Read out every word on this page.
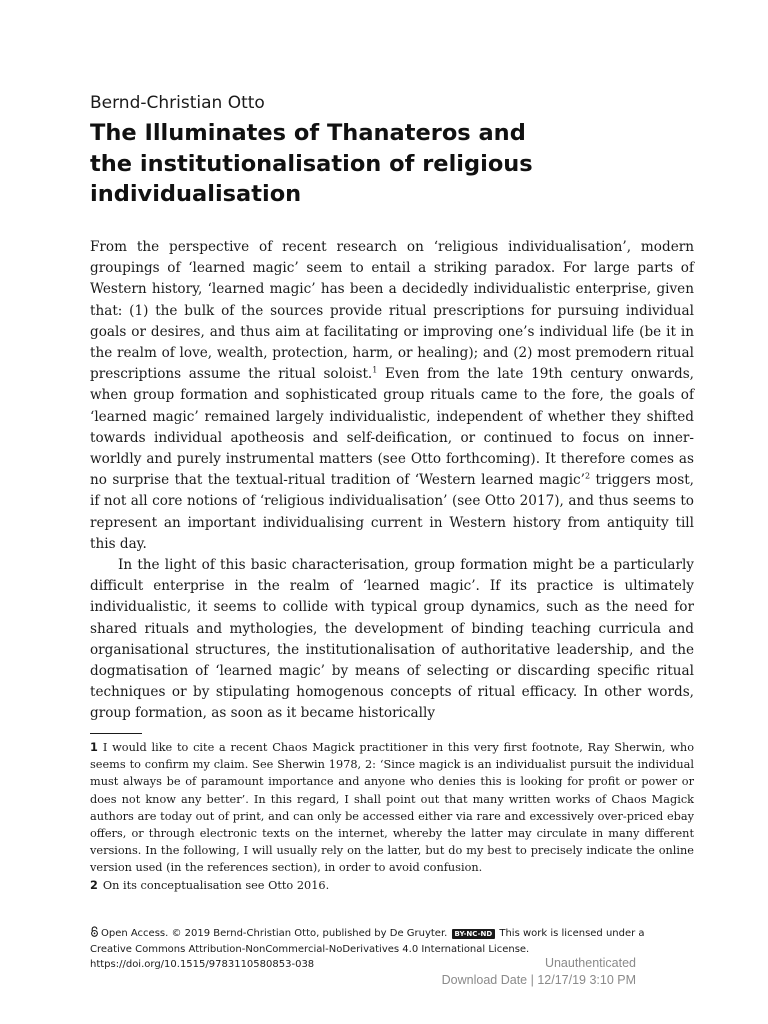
Bernd-Christian Otto
The Illuminates of Thanateros and
the institutionalisation of religious
individualisation

From the perspective of recent research on ‘religious individualisation’, modern groupings of ‘learned magic’ seem to entail a striking paradox. For large parts of Western history, ‘learned magic’ has been a decidedly individualistic enterprise, given that: (1) the bulk of the sources provide ritual prescriptions for pursuing individual goals or desires, and thus aim at facilitating or improving one’s individual life (be it in the realm of love, wealth, protection, harm, or healing); and (2) most premodern ritual prescriptions assume the ritual soloist.$^1$ Even from the late 19th century onwards, when group formation and sophisticated group rituals came to the fore, the goals of ‘learned magic’ remained largely individualistic, independent of whether they shifted towards individual apotheosis and self-deification, or continued to focus on inner-worldly and purely instrumental matters (see Otto forthcoming). It therefore comes as no surprise that the textual-ritual tradition of ‘Western learned magic’$^2$ triggers most, if not all core notions of ‘religious individualisation’ (see Otto 2017), and thus seems to represent an important individualising current in Western history from antiquity till this day.

In the light of this basic characterisation, group formation might be a particularly difficult enterprise in the realm of ‘learned magic’. If its practice is ultimately individualistic, it seems to collide with typical group dynamics, such as the need for shared rituals and mythologies, the development of binding teaching curricula and organisational structures, the institutionalisation of authoritative leadership, and the dogmatisation of ‘learned magic’ by means of selecting or discarding specific ritual techniques or by stipulating homogenous concepts of ritual efficacy. In other words, group formation, as soon as it became historically

1 I would like to cite a recent Chaos Magick practitioner in this very first footnote, Ray Sherwin, who seems to confirm my claim. See Sherwin 1978, 2: ‘Since magick is an individualist pursuit the individual must always be of paramount importance and anyone who denies this is looking for profit or power or does not know any better’. In this regard, I shall point out that many written works of Chaos Magick authors are today out of print, and can only be accessed either via rare and excessively over-priced ebay offers, or through electronic texts on the internet, whereby the latter may circulate in many different versions. In the following, I will usually rely on the latter, but do my best to precisely indicate the online version used (in the references section), in order to avoid confusion.

2 On its conceptualisation see Otto 2016.

Open Access. © 2019 Bernd-Christian Otto, published by De Gruyter. BY-NC-ND This work is licensed under a Creative Commons Attribution-NonCommercial-NoDerivatives 4.0 International License.
https://doi.org/10.1515/9783110580853-038	Unauthenticated
Download Date | 12/17/19 3:10 PM
